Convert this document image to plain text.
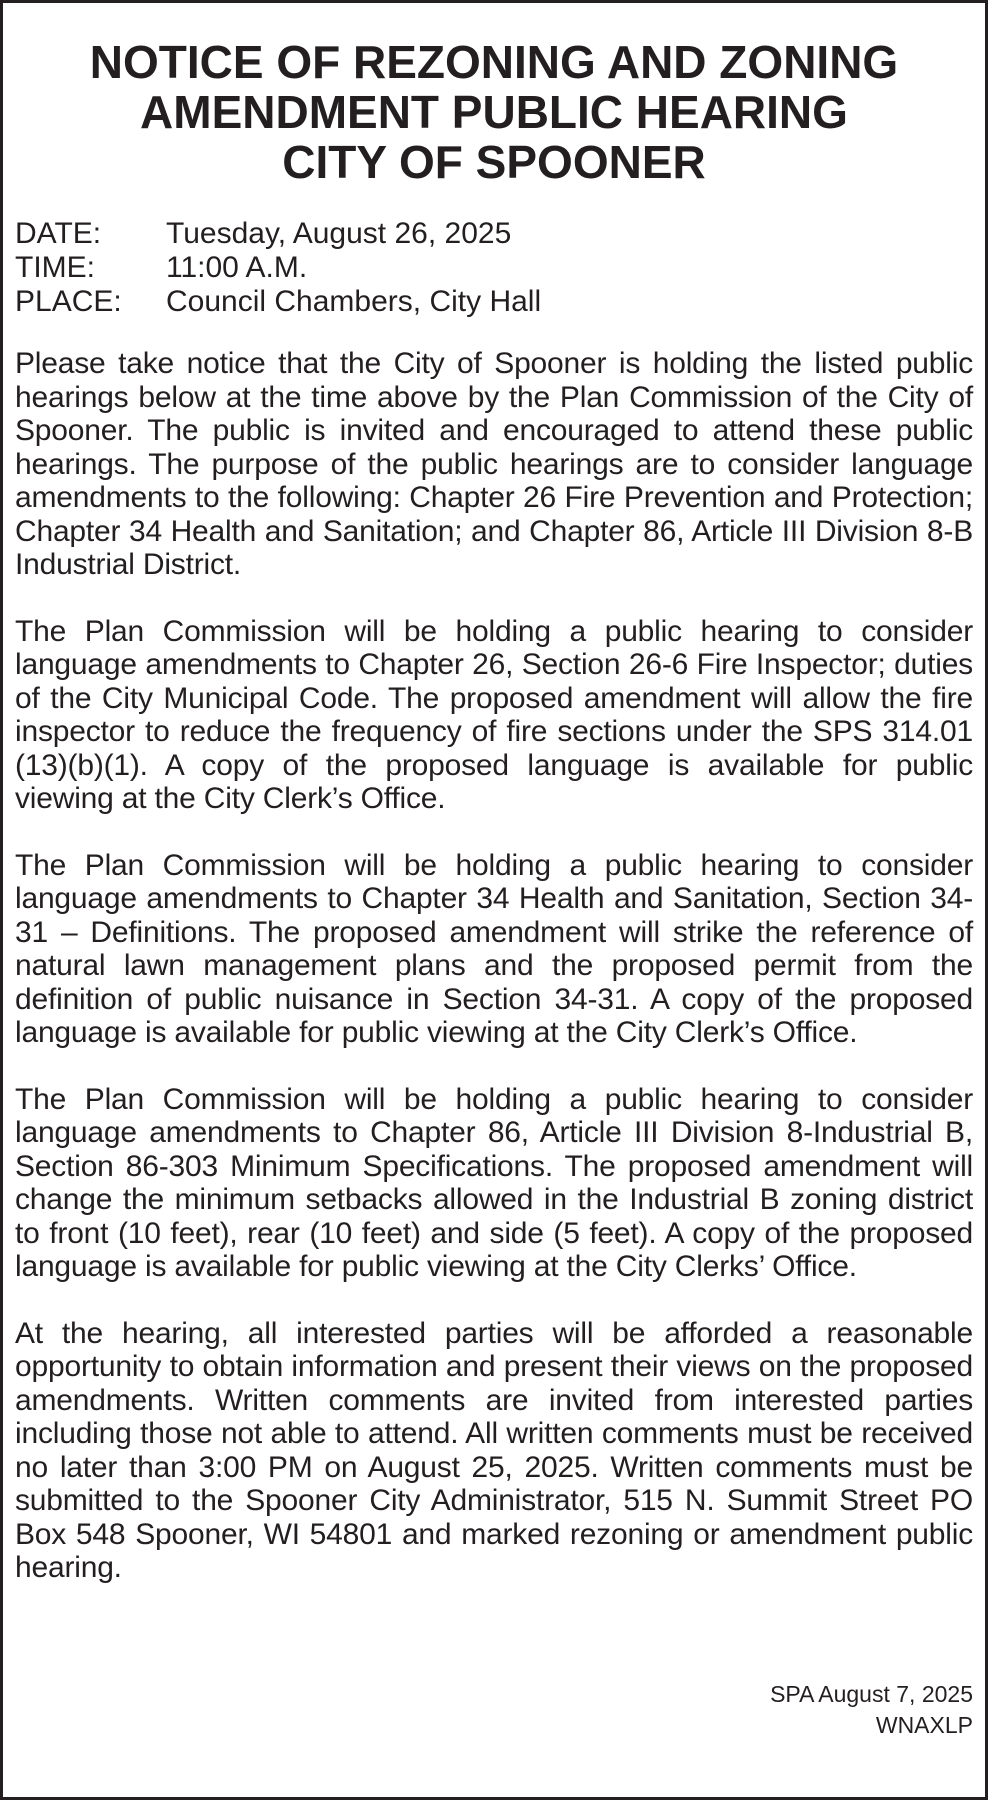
NOTICE OF REZONING AND ZONING
AMENDMENT PUBLIC HEARING
CITY OF SPOONER
DATE:	Tuesday, August 26, 2025
TIME:	11:00 A.M.
PLACE:	Council Chambers, City Hall

Please take notice that the City of Spooner is holding the listed public hearings below at the time above by the Plan Commission of the City of Spooner. The public is invited and encouraged to attend these public hearings. The purpose of the public hearings are to consider language amendments to the following: Chapter 26 Fire Prevention and Protection; Chapter 34 Health and Sanitation; and Chapter 86, Article III Division 8-B Industrial District.

The Plan Commission will be holding a public hearing to consider language amendments to Chapter 26, Section 26-6 Fire Inspector; duties of the City Municipal Code. The proposed amendment will allow the fire inspector to reduce the frequency of fire sections under the SPS 314.01 (13)(b)(1). A copy of the proposed language is available for public viewing at the City Clerk’s Office.

The Plan Commission will be holding a public hearing to consider language amendments to Chapter 34 Health and Sanitation, Section 34-31 – Definitions. The proposed amendment will strike the reference of natural lawn management plans and the proposed permit from the definition of public nuisance in Section 34-31. A copy of the proposed language is available for public viewing at the City Clerk’s Office.

The Plan Commission will be holding a public hearing to consider language amendments to Chapter 86, Article III Division 8-Industrial B, Section 86-303 Minimum Specifications. The proposed amendment will change the minimum setbacks allowed in the Industrial B zoning district to front (10 feet), rear (10 feet) and side (5 feet). A copy of the proposed language is available for public viewing at the City Clerks’ Office.

At the hearing, all interested parties will be afforded a reasonable opportunity to obtain information and present their views on the proposed amendments. Written comments are invited from interested parties including those not able to attend. All written comments must be received no later than 3:00 PM on August 25, 2025. Written comments must be submitted to the Spooner City Administrator, 515 N. Summit Street PO Box 548 Spooner, WI 54801 and marked rezoning or amendment public hearing.

SPA August 7, 2025
WNAXLP
